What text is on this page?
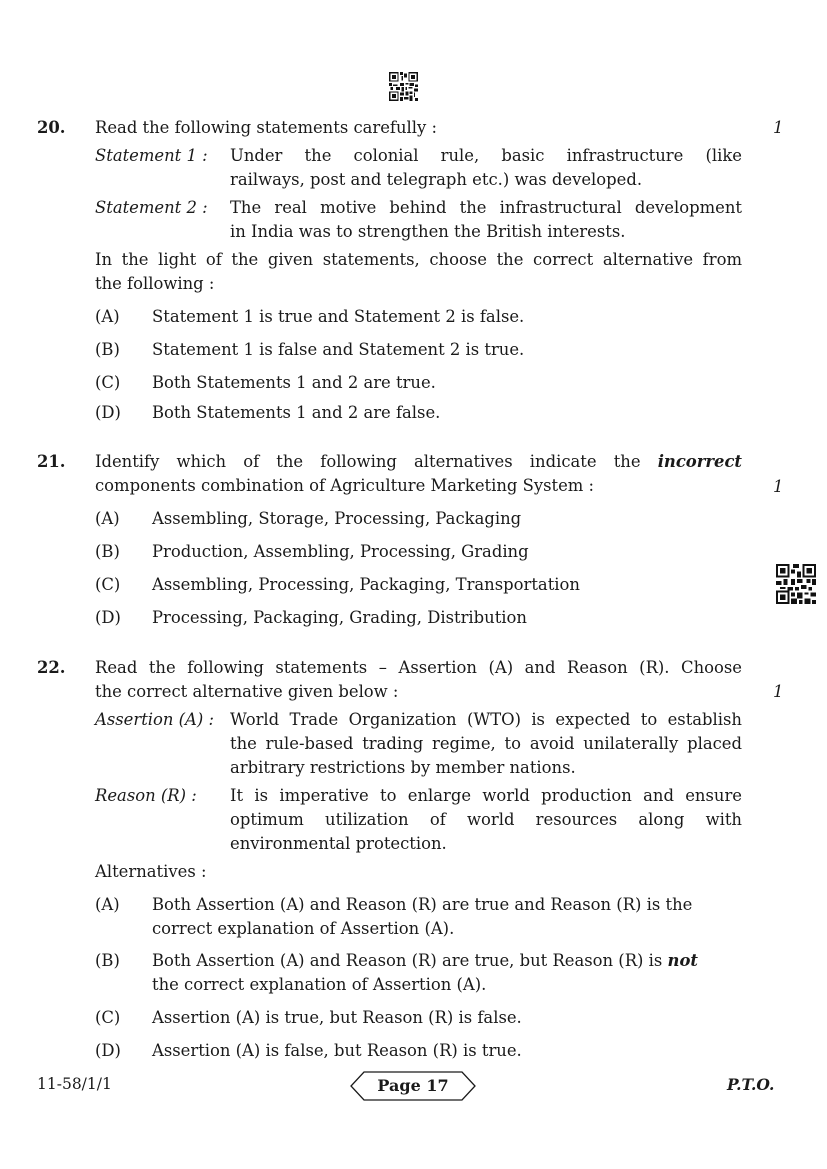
20.	1
Read the following statements carefully :
Statement 1 : Under the colonial rule, basic infrastructure (like
railways, post and telegraph etc.) was developed.
Statement 2 : The real motive behind the infrastructural development
in India was to strengthen the British interests.
In the light of the given statements, choose the correct alternative from
the following :
(A) Statement 1 is true and Statement 2 is false.
(B) Statement 1 is false and Statement 2 is true.
(C) Both Statements 1 and 2 are true.
(D) Both Statements 1 and 2 are false.
21. Identify which of the following alternatives indicate the incorrect
components combination of Agriculture Marketing System :	1
(A) Assembling, Storage, Processing, Packaging
(B) Production, Assembling, Processing, Grading
(C) Assembling, Processing, Packaging, Transportation
(D) Processing, Packaging, Grading, Distribution
22. Read the following statements – Assertion (A) and Reason (R). Choose
the correct alternative given below :	1
Assertion (A) : World Trade Organization (WTO) is expected to establish
the rule-based trading regime, to avoid unilaterally placed
arbitrary restrictions by member nations.
Reason (R) : It is imperative to enlarge world production and ensure
optimum utilization of world resources along with
environmental protection.
Alternatives :
(A) Both Assertion (A) and Reason (R) are true and Reason (R) is the
correct explanation of Assertion (A).
(B) Both Assertion (A) and Reason (R) are true, but Reason (R) is not
the correct explanation of Assertion (A).
(C) Assertion (A) is true, but Reason (R) is false.
(D) Assertion (A) is false, but Reason (R) is true.
11-58/1/1	Page 17	P.T.O.
